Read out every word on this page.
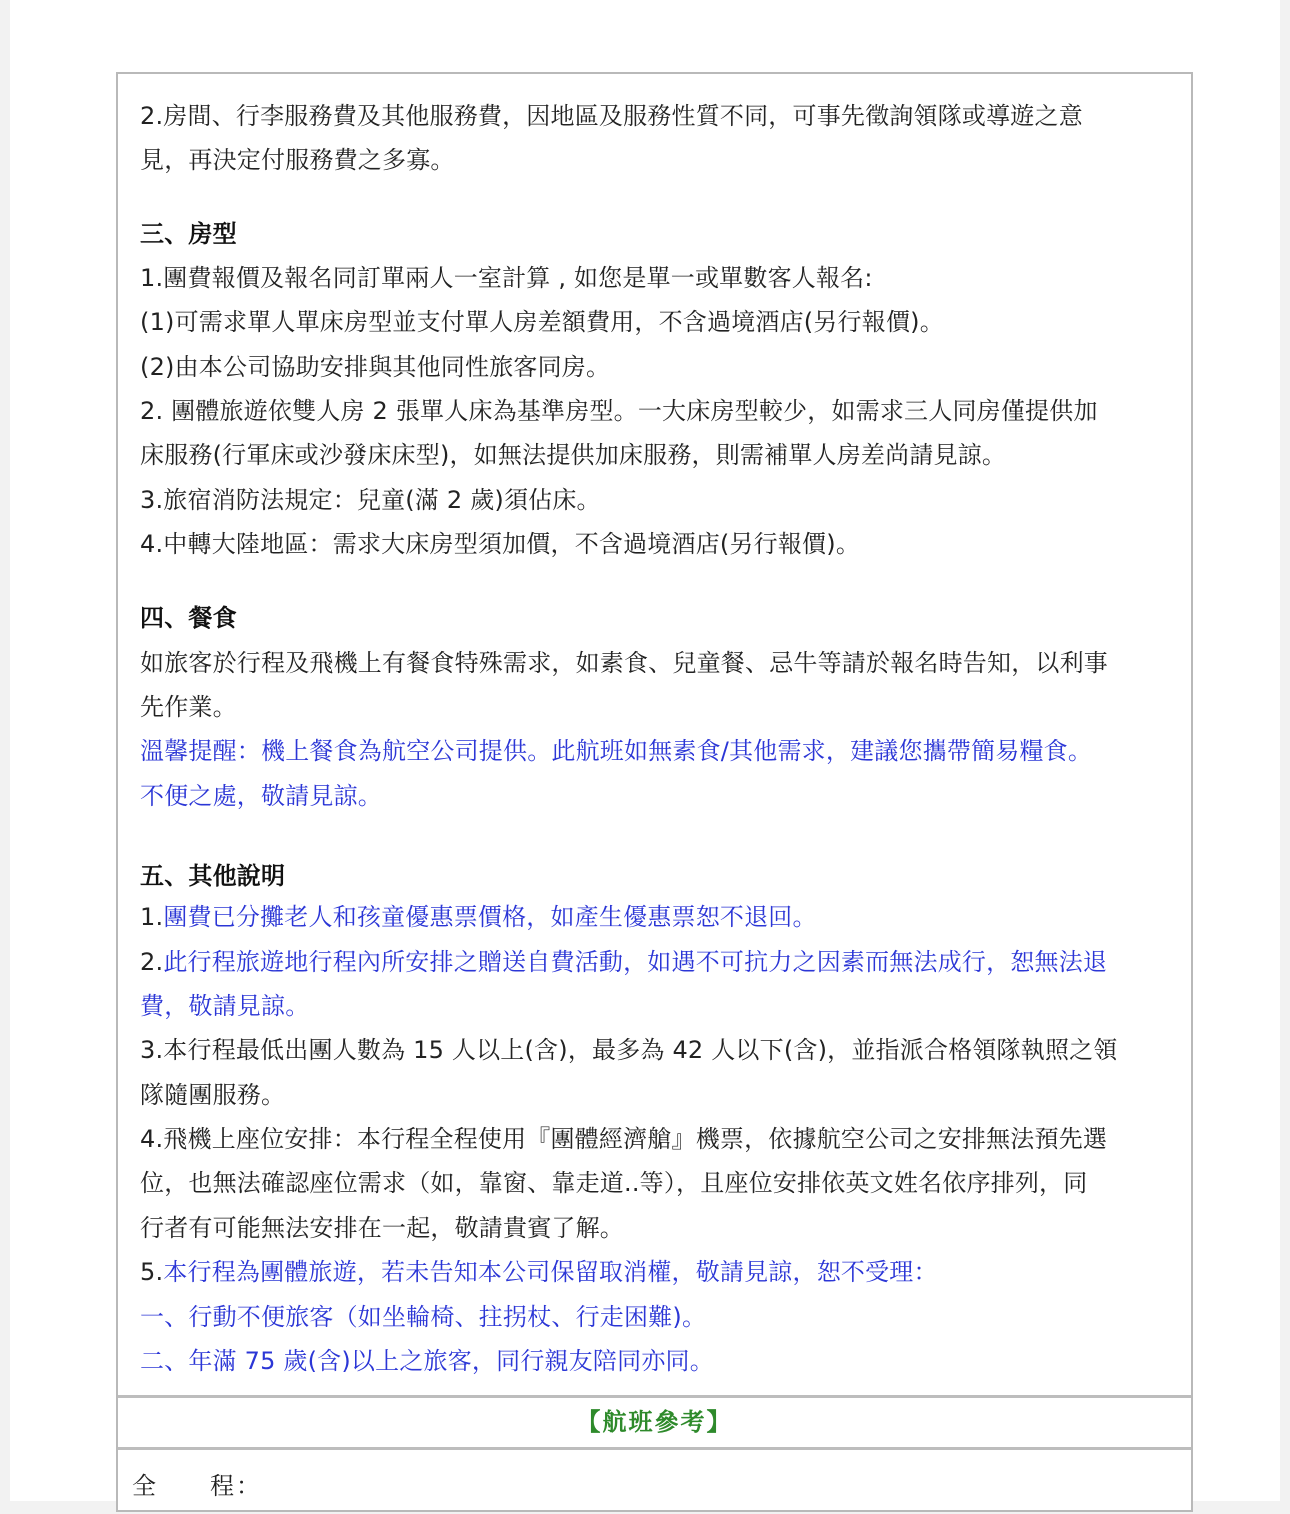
2.房間、行李服務費及其他服務費，因地區及服務性質不同，可事先徵詢領隊或導遊之意
見，再決定付服務費之多寡。
三、房型
1.團費報價及報名同訂單兩人一室計算 , 如您是單一或單數客人報名:
(1)可需求單人單床房型並支付單人房差額費用，不含過境酒店(另行報價)。
(2)由本公司協助安排與其他同性旅客同房。
2. 團體旅遊依雙人房 2 張單人床為基準房型。一大床房型較少，如需求三人同房僅提供加
床服務(行軍床或沙發床床型)，如無法提供加床服務，則需補單人房差尚請見諒。
3.旅宿消防法規定：兒童(滿 2 歲)須佔床。
4.中轉大陸地區：需求大床房型須加價，不含過境酒店(另行報價)。
四、餐食
如旅客於行程及飛機上有餐食特殊需求，如素食、兒童餐、忌牛等請於報名時告知，以利事
先作業。
溫馨提醒：機上餐食為航空公司提供。此航班如無素食/其他需求，建議您攜帶簡易糧食。
不便之處，敬請見諒。
五、其他說明
1.團費已分攤老人和孩童優惠票價格，如產生優惠票恕不退回。
2.此行程旅遊地行程內所安排之贈送自費活動，如遇不可抗力之因素而無法成行，恕無法退
費，敬請見諒。
3.本行程最低出團人數為 15 人以上(含)，最多為 42 人以下(含)，並指派合格領隊執照之領
隊隨團服務。
4.飛機上座位安排：本行程全程使用『團體經濟艙』機票，依據航空公司之安排無法預先選
位，也無法確認座位需求（如，靠窗、靠走道..等），且座位安排依英文姓名依序排列，同
行者有可能無法安排在一起，敬請貴賓了解。
5.本行程為團體旅遊，若未告知本公司保留取消權，敬請見諒，恕不受理：
一、行動不便旅客（如坐輪椅、拄拐杖、行走困難)。
二、年滿 75 歲(含)以上之旅客，同行親友陪同亦同。
【航班參考】
全　　程：
